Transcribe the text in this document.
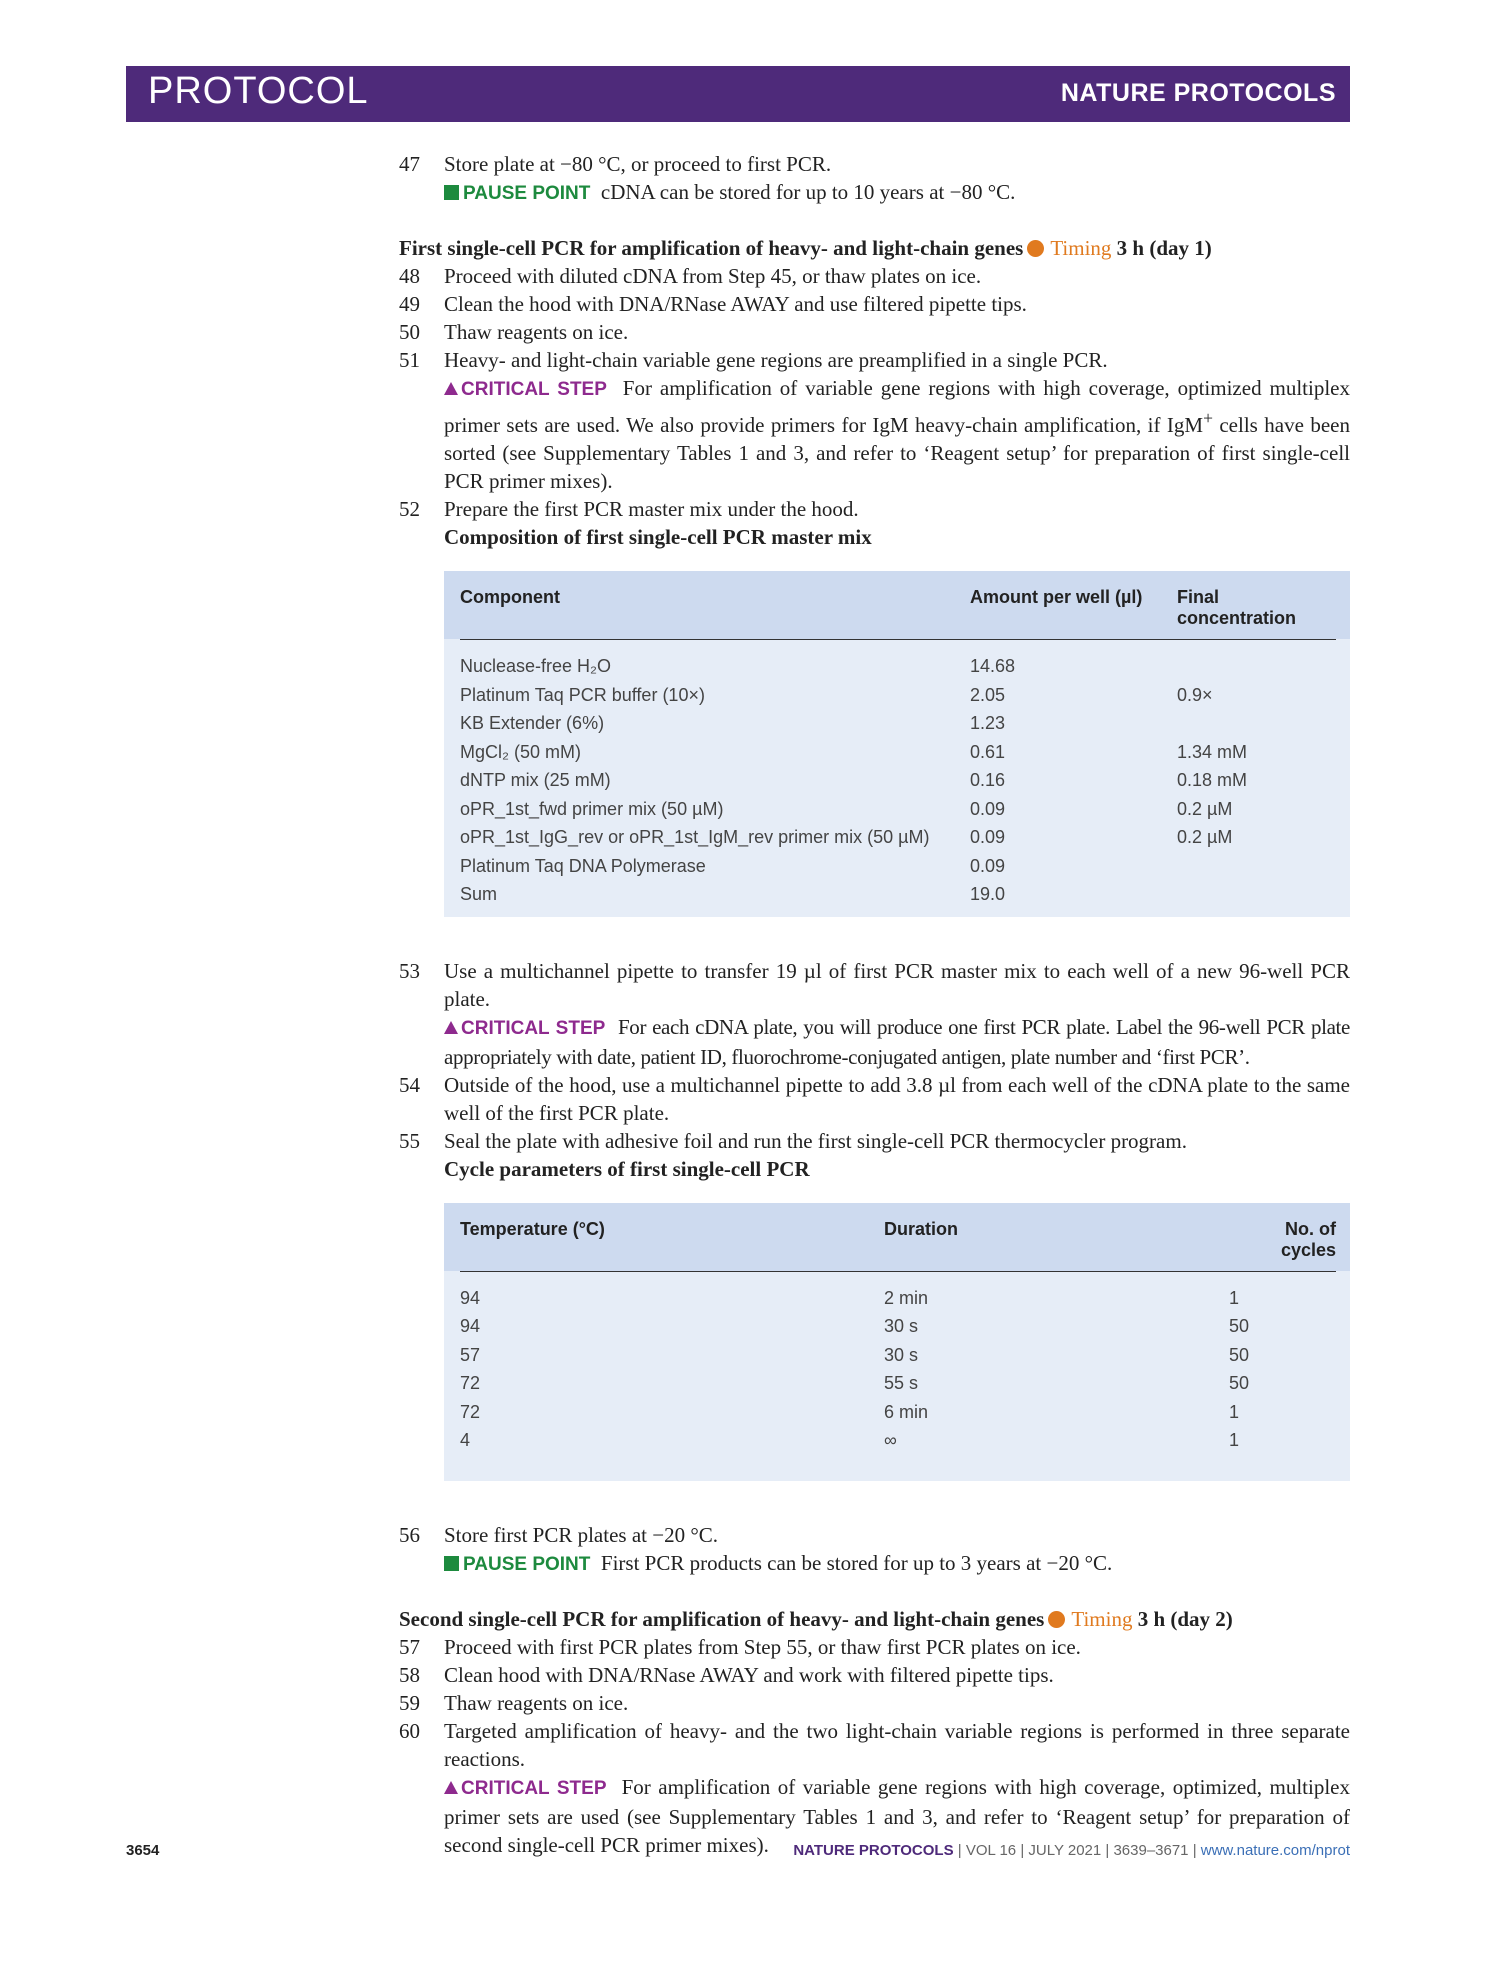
PROTOCOL	NATURE PROTOCOLS
47 Store plate at −80 °C, or proceed to first PCR.
PAUSE POINT cDNA can be stored for up to 10 years at −80 °C.
First single-cell PCR for amplification of heavy- and light-chain genes Timing 3 h (day 1)
48 Proceed with diluted cDNA from Step 45, or thaw plates on ice.
49 Clean the hood with DNA/RNase AWAY and use filtered pipette tips.
50 Thaw reagents on ice.
51 Heavy- and light-chain variable gene regions are preamplified in a single PCR.
CRITICAL STEP For amplification of variable gene regions with high coverage, optimized multiplex primer sets are used. We also provide primers for IgM heavy-chain amplification, if IgM+ cells have been sorted (see Supplementary Tables 1 and 3, and refer to ‘Reagent setup’ for preparation of first single-cell PCR primer mixes).
52 Prepare the first PCR master mix under the hood.
Composition of first single-cell PCR master mix
Component	Amount per well (µl)	Final concentration
Nuclease-free H₂O	14.68
Platinum Taq PCR buffer (10×)	2.05	0.9×
KB Extender (6%)	1.23
MgCl₂ (50 mM)	0.61	1.34 mM
dNTP mix (25 mM)	0.16	0.18 mM
oPR_1st_fwd primer mix (50 µM)	0.09	0.2 µM
oPR_1st_IgG_rev or oPR_1st_IgM_rev primer mix (50 µM)	0.09	0.2 µM
Platinum Taq DNA Polymerase	0.09
Sum	19.0
53 Use a multichannel pipette to transfer 19 µl of first PCR master mix to each well of a new 96-well PCR plate.
CRITICAL STEP For each cDNA plate, you will produce one first PCR plate. Label the 96-well PCR plate appropriately with date, patient ID, fluorochrome-conjugated antigen, plate number and ‘first PCR’.
54 Outside of the hood, use a multichannel pipette to add 3.8 µl from each well of the cDNA plate to the same well of the first PCR plate.
55 Seal the plate with adhesive foil and run the first single-cell PCR thermocycler program.
Cycle parameters of first single-cell PCR
Temperature (°C)	Duration	No. of cycles
94	2 min	1
94	30 s	50
57	30 s	50
72	55 s	50
72	6 min	1
4	∞	1
56 Store first PCR plates at −20 °C.
PAUSE POINT First PCR products can be stored for up to 3 years at −20 °C.
Second single-cell PCR for amplification of heavy- and light-chain genes Timing 3 h (day 2)
57 Proceed with first PCR plates from Step 55, or thaw first PCR plates on ice.
58 Clean hood with DNA/RNase AWAY and work with filtered pipette tips.
59 Thaw reagents on ice.
60 Targeted amplification of heavy- and the two light-chain variable regions is performed in three separate reactions.
CRITICAL STEP For amplification of variable gene regions with high coverage, optimized, multiplex primer sets are used (see Supplementary Tables 1 and 3, and refer to ‘Reagent setup’ for preparation of second single-cell PCR primer mixes).
3654	NATURE PROTOCOLS | VOL 16 | JULY 2021 | 3639–3671 | www.nature.com/nprot
